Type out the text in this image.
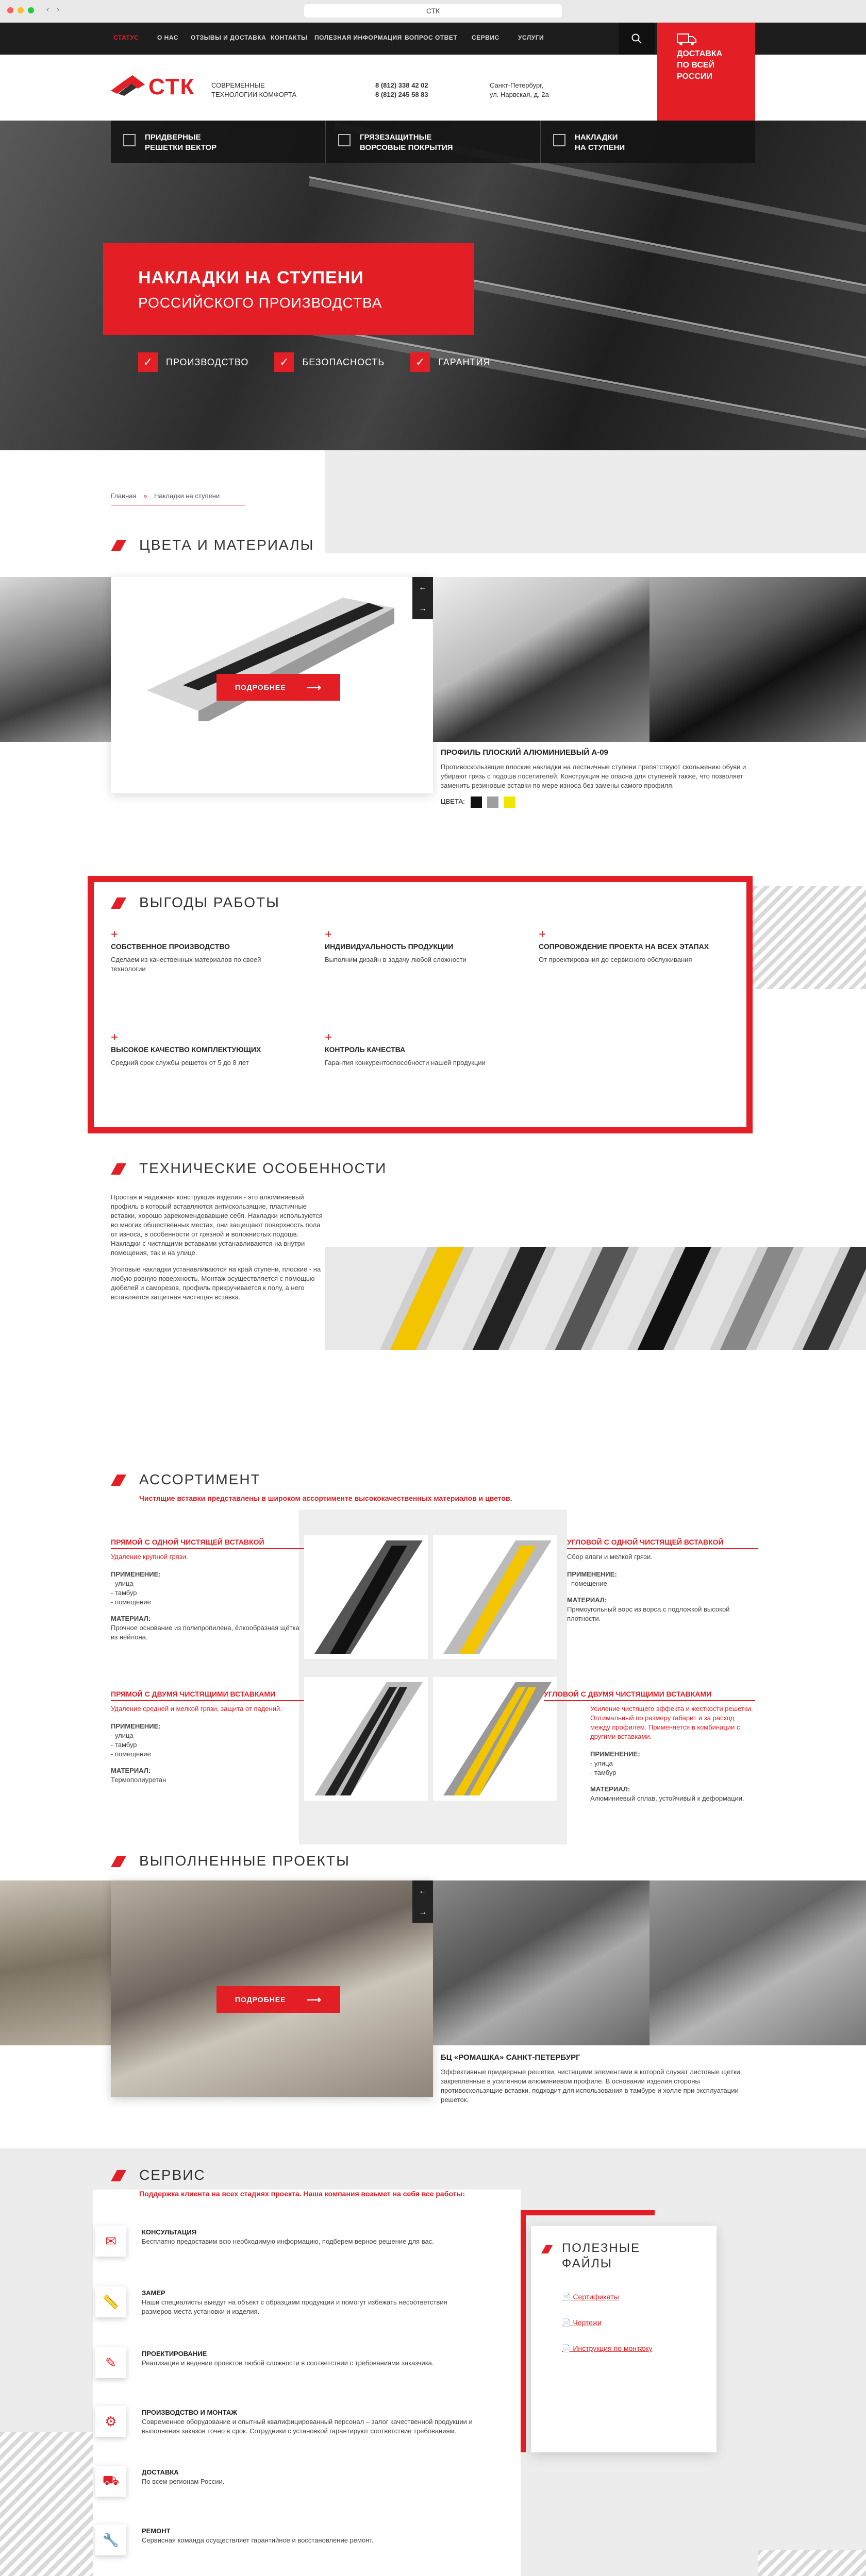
‹ ›	СТК
СТАТУС	О НАС ОТЗЫВЫ И ДОСТАВКА КОНТАКТЫ ПОЛЕЗНАЯ ИНФОРМАЦИЯ ВОПРОС ОТВЕТ СЕРВИС	УСЛУГИ
СТК СОВРЕМЕННЫЕ
ТЕХНОЛОГИИ КОМФОРТА
8 (812) 338 42 02
8 (812) 245 58 83
Санкт-Петербург,
ул. Нарвская, д. 2а
ДОСТАВКА
ПО ВСЕЙ
РОССИИ
ПРИДВЕРНЫЕ
РЕШЕТКИ ВЕКТОР
ГРЯЗЕЗАЩИТНЫЕ
ВОРСОВЫЕ ПОКРЫТИЯ
НАКЛАДКИ
НА СТУПЕНИ
НАКЛАДКИ НА СТУПЕНИ
РОССИЙСКОГО ПРОИЗВОДСТВА
✓	ПРОИЗВОДСТВО	✓	БЕЗОПАСНОСТЬ	✓	ГАРАНТИЯ
Главная » Накладки на ступени
ЦВЕТА И МАТЕРИАЛЫ
ПОДРОБНЕЕ ⟶
←
→
ПРОФИЛЬ ПЛОСКИЙ АЛЮМИНИЕВЫЙ А-09
Противоскользящие плоские накладки на лестничные ступени препятствуют скольжению обуви и убирают грязь с подошв посетителей. Конструкция не опасна для ступеней также, что позволяет заменить резиновые вставки по мере износа без замены самого профиля.
ЦВЕТА:
ВЫГОДЫ РАБОТЫ
+
СОБСТВЕННОЕ ПРОИЗВОДСТВО
Сделаем из качественных материалов по своей технологии
+
ИНДИВИДУАЛЬНОСТЬ ПРОДУКЦИИ
Выполним дизайн в задачу любой сложности
+
СОПРОВОЖДЕНИЕ ПРОЕКТА НА ВСЕХ ЭТАПАХ
От проектирования до сервисного обслуживания
+
ВЫСОКОЕ КАЧЕСТВО КОМПЛЕКТУЮЩИХ
Средний срок службы решеток от 5 до 8 лет
+
КОНТРОЛЬ КАЧЕСТВА
Гарантия конкурентоспособности нашей продукции
ТЕХНИЧЕСКИЕ ОСОБЕННОСТИ

Простая и надежная конструкция изделия - это алюминиевый профиль в который вставляются антискользящие, пластичные вставки, хорошо зарекомендовавшие себя. Накладки используются во многих общественных местах, они защищают поверхность пола от износа, в особенности от грязной и волокнистых подошв. Накладки с чистящими вставками устанавливаются на внутри помещения, так и на улице.

Уголовые накладки устанавливаются на край ступени, плоские - на любую ровную поверхность. Монтаж осуществляется с помощью дюбелей и саморезов, профиль прикручивается к полу, а него вставляется защитная чистящая вставка.

АССОРТИМЕНТ
Чистящие вставки представлены в широком ассортименте высококачественных материалов и цветов.
ПРЯМОЙ С ОДНОЙ ЧИСТЯЩЕЙ ВСТАВКОЙ
Удаление крупной грязи.
ПРИМЕНЕНИЕ:
- улица
- тамбур
- помещение
МАТЕРИАЛ:
Прочное основание из полипропилена, ёлкообразная щётка из нейлона.
УГЛОВОЙ С ОДНОЙ ЧИСТЯЩЕЙ ВСТАВКОЙ
Сбор влаги и мелкой грязи.
ПРИМЕНЕНИЕ:
- помещение
МАТЕРИАЛ:
Прямоугольный ворс из ворса с подложкой высокой плотности.
ПРЯМОЙ С ДВУМЯ ЧИСТЯЩИМИ ВСТАВКАМИ
Удаление средней и мелкой грязи, защита от падений.
ПРИМЕНЕНИЕ:
- улица
- тамбур
- помещение
МАТЕРИАЛ:
Термополиуретан
УГЛОВОЙ С ДВУМЯ ЧИСТЯЩИМИ ВСТАВКАМИ
Усиление чистящего эффекта и жесткости решетки. Оптимальный по размеру габарит и за расход между профилем. Применяется в комбинации с другими вставками.
ПРИМЕНЕНИЕ:
- улица
- тамбур
МАТЕРИАЛ:
Алюминиевый сплав, устойчивый к деформации.
ВЫПОЛНЕННЫЕ ПРОЕКТЫ
ПОДРОБНЕЕ ⟶
←
→
БЦ «РОМАШКА» САНКТ-ПЕТЕРБУРГ
Эффективные придверные решетки, чистящими элементами в которой служат листовые щетки, закреплённые в усиленном алюминиевом профиле. В основании изделия стороны противоскользящие вставки, подходит для использования в тамбуре и холле при эксплуатации решеток.
СЕРВИС
Поддержка клиента на всех стадиях проекта. Наша компания возьмет на себя все работы:
✉
КОНСУЛЬТАЦИЯ
Бесплатно предоставим всю необходимую информацию, подберем верное решение для вас.
📏
ЗАМЕР
Наши специалисты выедут на объект с образцами продукции и помогут избежать несоответствия размеров места установки и изделия.
✎
ПРОЕКТИРОВАНИЕ
Реализация и ведение проектов любой сложности в соответствии с требованиями заказчика.
⚙
ПРОИЗВОДСТВО И МОНТАЖ
Современное оборудование и опытный квалифицированный персонал – залог качественной продукции и выполнения заказов точно в срок. Сотрудники с установкой гарантируют соответствие требованиям.
⛟	ДОСТАВКА
По всем регионам России.
🔧
РЕМОНТ
Сервисная команда осуществляет гарантийное и восстановление ремонт.
ПОЛЕЗНЫЕ
ФАЙЛЫ
📄 Сертификаты
📄 Чертежи
📄 Инструкция по монтажу
